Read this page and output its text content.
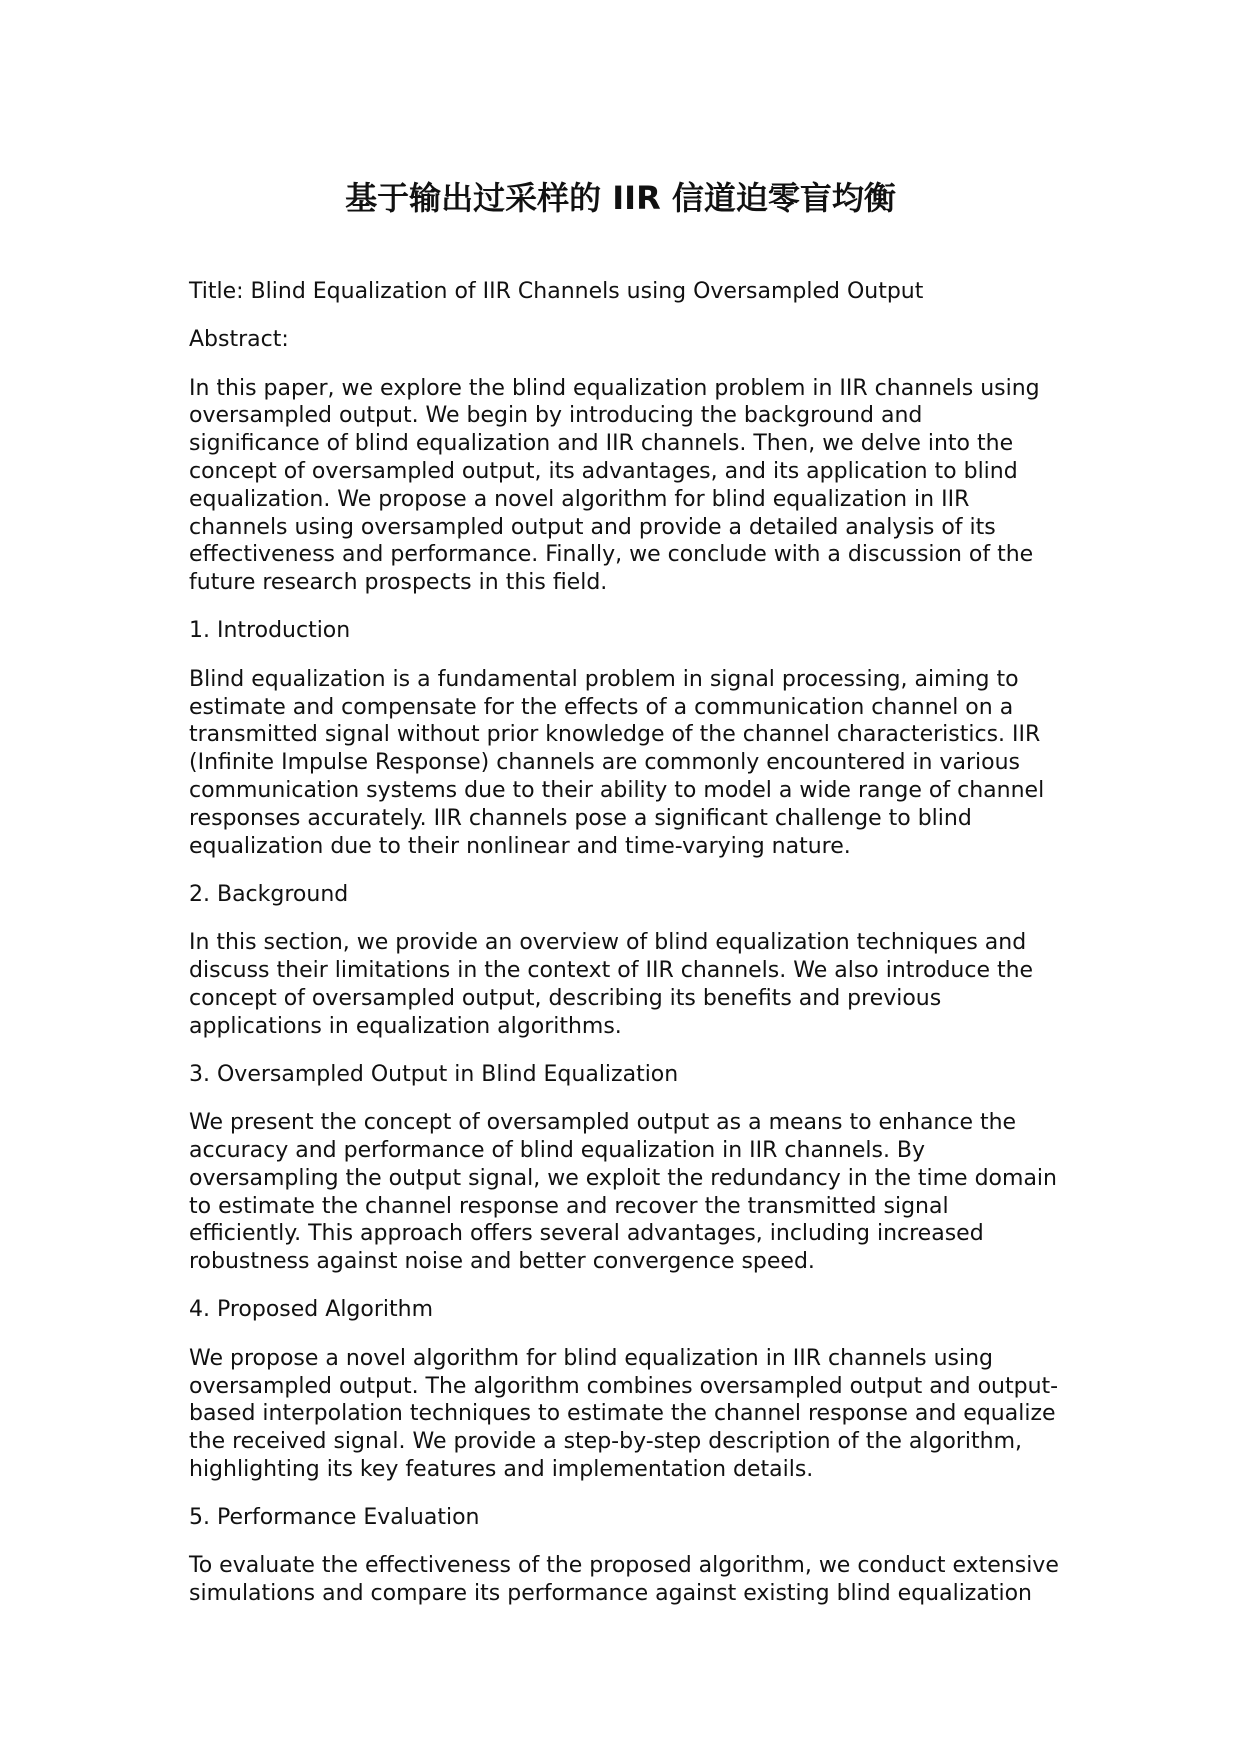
基于输出过采样的 IIR 信道迫零盲均衡

Title: Blind Equalization of IIR Channels using Oversampled Output

Abstract:

In this paper, we explore the blind equalization problem in IIR channels using oversampled output. We begin by introducing the background and significance of blind equalization and IIR channels. Then, we delve into the concept of oversampled output, its advantages, and its application to blind equalization. We propose a novel algorithm for blind equalization in IIR channels using oversampled output and provide a detailed analysis of its effectiveness and performance. Finally, we conclude with a discussion of the future research prospects in this field.

1. Introduction

Blind equalization is a fundamental problem in signal processing, aiming to estimate and compensate for the effects of a communication channel on a transmitted signal without prior knowledge of the channel characteristics. IIR (Infinite Impulse Response) channels are commonly encountered in various communication systems due to their ability to model a wide range of channel responses accurately. IIR channels pose a significant challenge to blind equalization due to their nonlinear and time-varying nature.

2. Background

In this section, we provide an overview of blind equalization techniques and discuss their limitations in the context of IIR channels. We also introduce the concept of oversampled output, describing its benefits and previous applications in equalization algorithms.

3. Oversampled Output in Blind Equalization

We present the concept of oversampled output as a means to enhance the accuracy and performance of blind equalization in IIR channels. By oversampling the output signal, we exploit the redundancy in the time domain to estimate the channel response and recover the transmitted signal efficiently. This approach offers several advantages, including increased robustness against noise and better convergence speed.

4. Proposed Algorithm

We propose a novel algorithm for blind equalization in IIR channels using oversampled output. The algorithm combines oversampled output and output-based interpolation techniques to estimate the channel response and equalize the received signal. We provide a step-by-step description of the algorithm, highlighting its key features and implementation details.

5. Performance Evaluation

To evaluate the effectiveness of the proposed algorithm, we conduct extensive simulations and compare its performance against existing blind equalization
